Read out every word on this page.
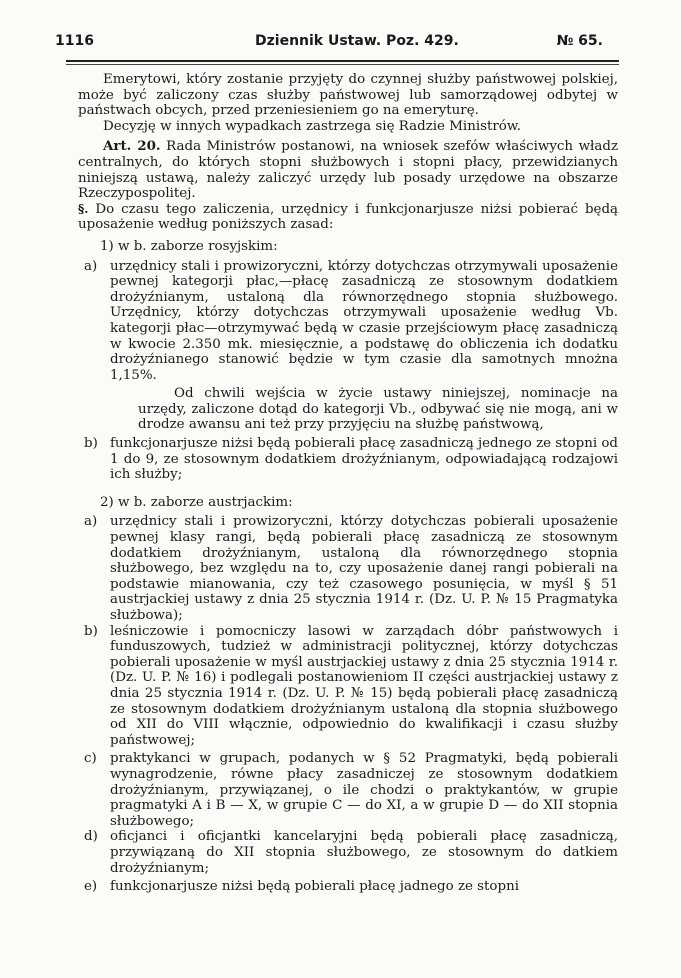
1116	Dziennik Ustaw. Poz. 429.	№ 65.

Emerytowi, który zostanie przyjęty do czynnej służby państwowej polskiej, może być zaliczony czas służby państwowej lub samorządowej odbytej w państwach obcych, przed przeniesieniem go na emeryturę.

Decyzję w innych wypadkach zastrzega się Radzie Ministrów.

Art. 20. Rada Ministrów postanowi, na wniosek szefów właściwych władz centralnych, do których stopni służbowych i stopni płacy, przewidzianych niniejszą ustawą, należy zaliczyć urzędy lub posady urzędowe na obszarze Rzeczypospolitej.

§. Do czasu tego zaliczenia, urzędnicy i funkcjonarjusze niżsi pobierać będą uposażenie według poniższych zasad:

1) w b. zaborze rosyjskim:

a) urzędnicy stali i prowizoryczni, którzy dotychczas otrzymywali uposażenie pewnej kategorji płac,—płacę zasadniczą ze stosownym dodatkiem drożyźnianym, ustaloną dla równorzędnego stopnia służbowego. Urzędnicy, którzy dotychczas otrzymywali uposażenie według Vb. kategorji płac—otrzymywać będą w czasie przejściowym płacę zasadniczą w kwocie 2.350 mk. miesięcznie, a podstawę do obliczenia ich dodatku drożyźnianego stanowić będzie w tym czasie dla samotnych mnożna 1,15%.

Od chwili wejścia w życie ustawy niniejszej, nominacje na urzędy, zaliczone dotąd do kategorji Vb., odbywać się nie mogą, ani w drodze awansu ani też przy przyjęciu na służbę państwową,

b) funkcjonarjusze niżsi będą pobierali płacę zasadniczą jednego ze stopni od 1 do 9, ze stosownym dodatkiem drożyźnianym, odpowiadającą rodzajowi ich służby;

2) w b. zaborze austrjackim:

a) urzędnicy stali i prowizoryczni, którzy dotychczas pobierali uposażenie pewnej klasy rangi, będą pobierali płacę zasadniczą ze stosownym dodatkiem drożyźnianym, ustaloną dla równorzędnego stopnia służbowego, bez względu na to, czy uposażenie danej rangi pobierali na podstawie mianowania, czy też czasowego posunięcia, w myśl § 51 austrjackiej ustawy z dnia 25 stycznia 1914 r. (Dz. U. P. № 15 Pragmatyka służbowa);
b) leśniczowie i pomocniczy lasowi w zarządach dóbr państwowych i funduszowych, tudzież w administracji politycznej, którzy dotychczas pobierali uposażenie w myśl austrjackiej ustawy z dnia 25 stycznia 1914 r. (Dz. U. P. № 16) i podlegali postanowieniom II części austrjackiej ustawy z dnia 25 stycznia 1914 r. (Dz. U. P. № 15) będą pobierali płacę zasadniczą ze stosownym dodatkiem drożyźnianym ustaloną dla stopnia służbowego od XII do VIII włącznie, odpowiednio do kwalifikacji i czasu służby państwowej;
c) praktykanci w grupach, podanych w § 52 Pragmatyki, będą pobierali wynagrodzenie, równe płacy zasadniczej ze stosownym dodatkiem drożyźnianym, przywiązanej, o ile chodzi o praktykantów, w grupie pragmatyki A i B — X, w grupie C — do XI, a w grupie D — do XII stopnia służbowego;
d) oficjanci i oficjantki kancelaryjni będą pobierali płacę zasadniczą, przywiązaną do XII stopnia służbowego, ze stosownym do datkiem drożyźnianym;
e) funkcjonarjusze niżsi będą pobierali płacę jadnego ze stopni
